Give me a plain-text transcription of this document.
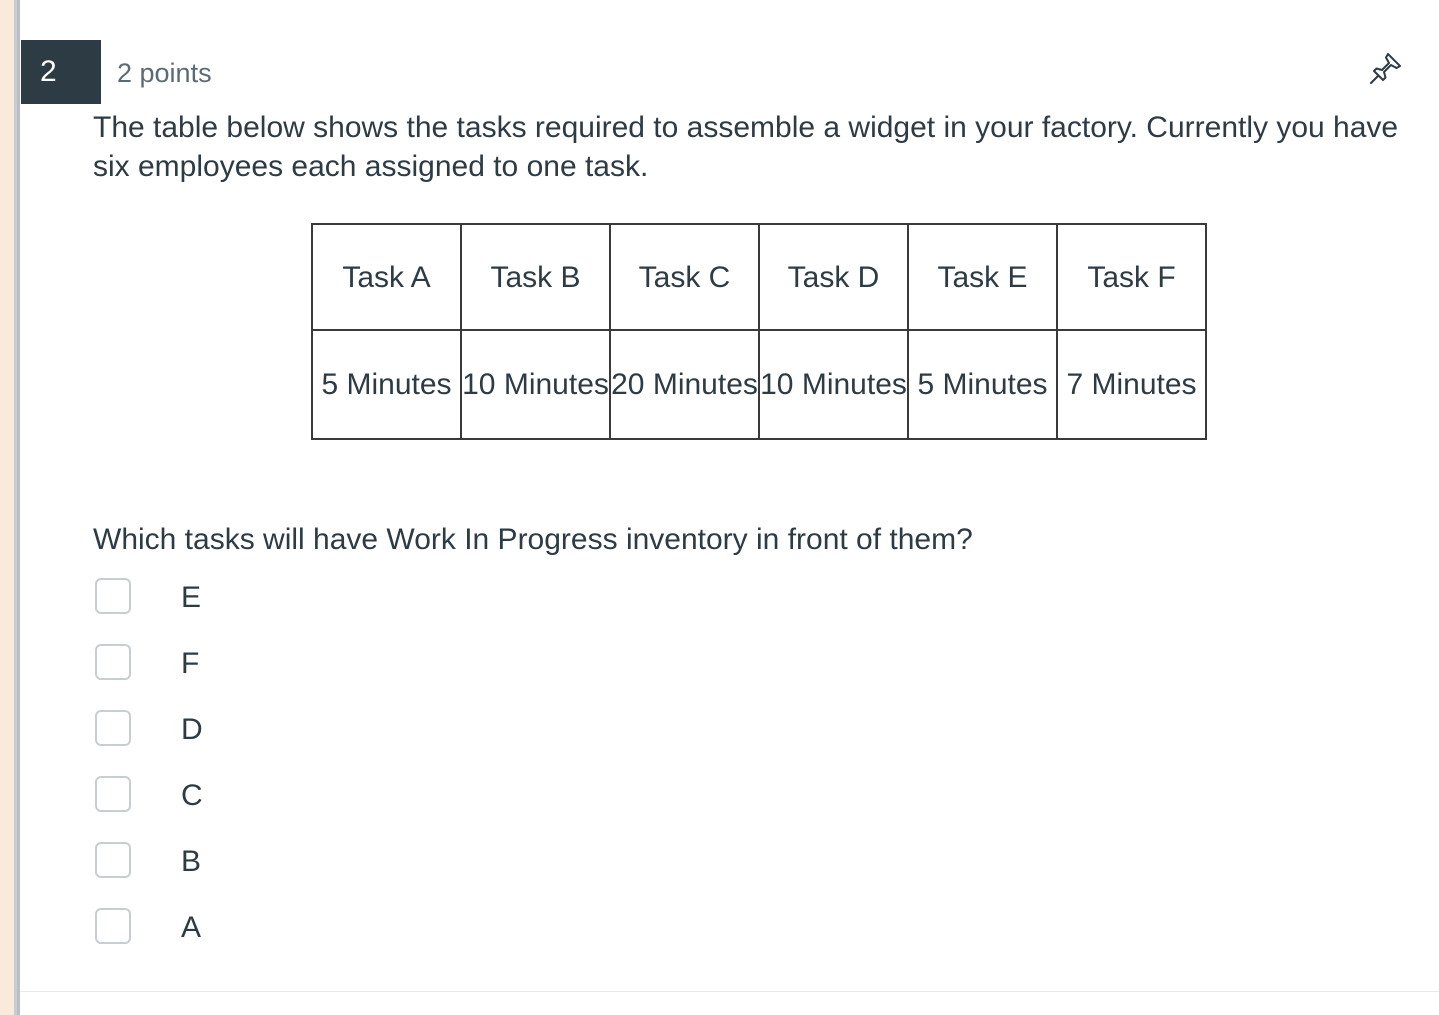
2	2 points

The table below shows the tasks required to assemble a widget in your factory. Currently you have six employees each assigned to one task.

Task A	Task B	Task C	Task D	Task E	Task F
5 Minutes	10 Minutes	20 Minutes	10 Minutes	5 Minutes	7 Minutes

Which tasks will have Work In Progress inventory in front of them?

E
F
D
C
B
A
